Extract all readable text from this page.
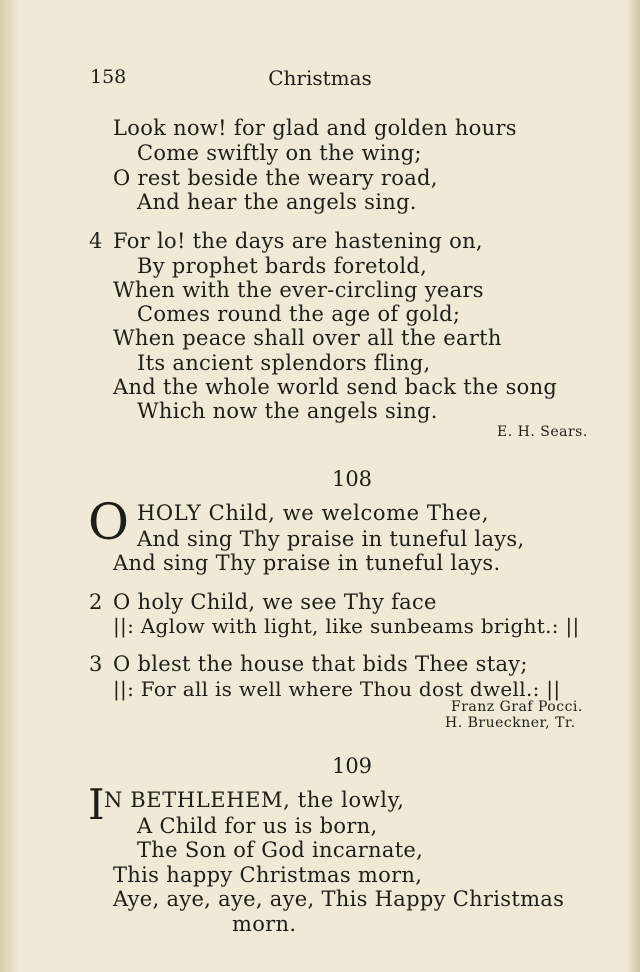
158	Christmas
Look now! for glad and golden hours
Come swiftly on the wing;
O rest beside the weary road,
And hear the angels sing.
4 For lo! the days are hastening on,
By prophet bards foretold,
When with the ever-circling years
Comes round the age of gold;
When peace shall over all the earth
Its ancient splendors fling,
And the whole world send back the song
Which now the angels sing.
E. H. Sears.
108
O HOLY Child, we welcome Thee,
And sing Thy praise in tuneful lays,
And sing Thy praise in tuneful lays.
2 O holy Child, we see Thy face
||: Aglow with light, like sunbeams bright.: ||
3 O blest the house that bids Thee stay;
||: For all is well where Thou dost dwell.: ||
Franz Graf Pocci.
H. Brueckner, Tr.
109
I N BETHLEHEM, the lowly,
A Child for us is born,
The Son of God incarnate,
This happy Christmas morn,
Aye, aye, aye, aye, This Happy Christmas
morn.
